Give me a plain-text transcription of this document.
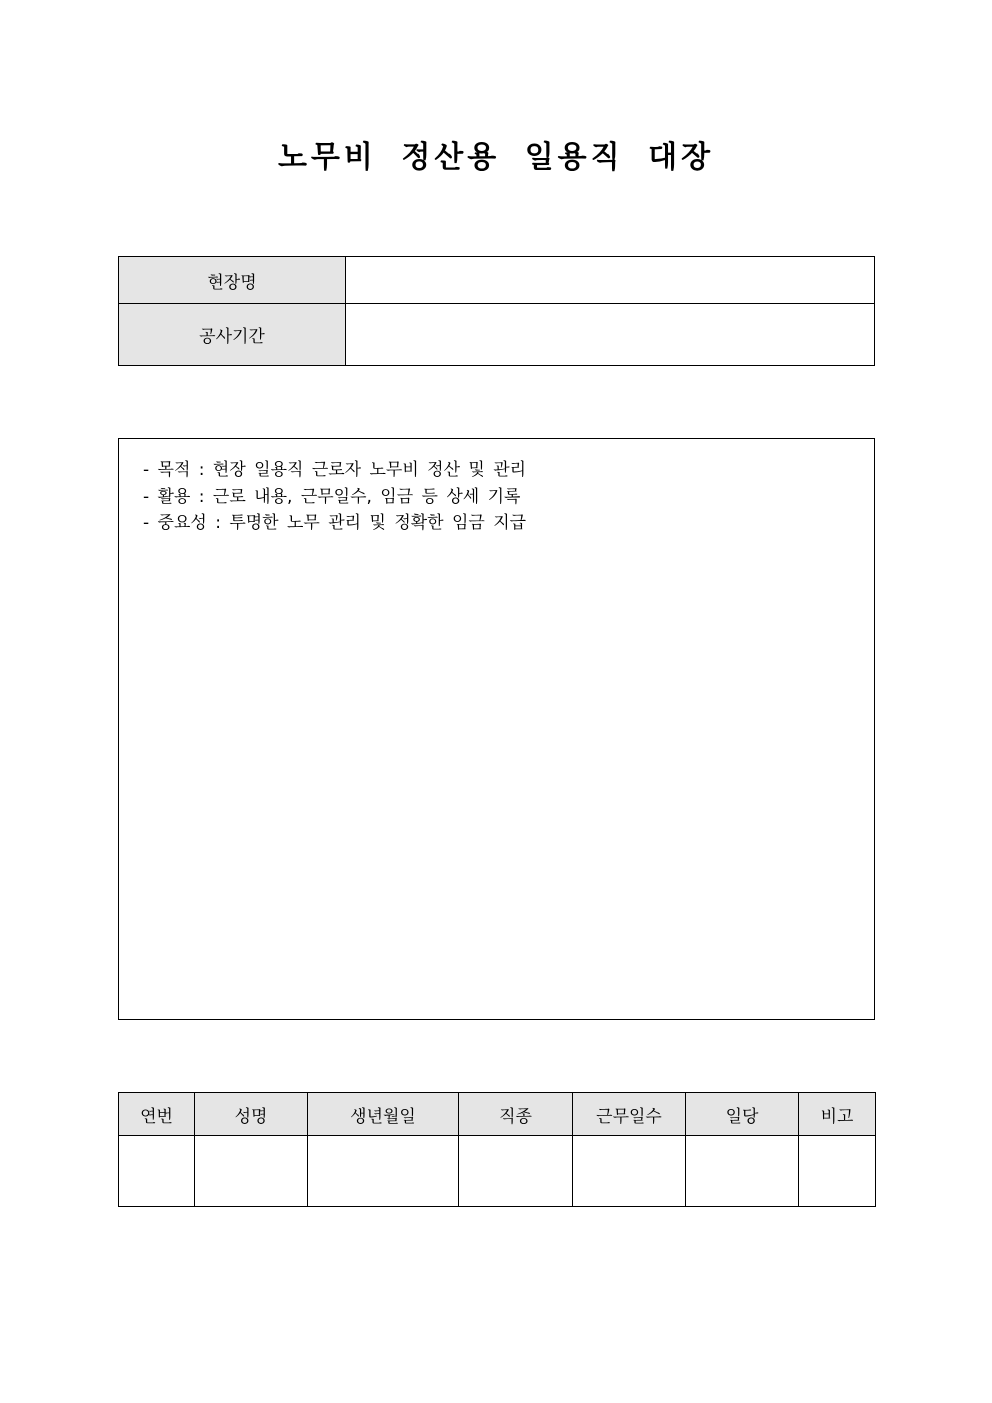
노무비 정산용 일용직 대장
현장명	
공사기간	
- 목적 : 현장 일용직 근로자 노무비 정산 및 관리
- 활용 : 근로 내용, 근무일수, 임금 등 상세 기록
- 중요성 : 투명한 노무 관리 및 정확한 임금 지급
연번	성명	생년월일	직종	근무일수	일당	비고
